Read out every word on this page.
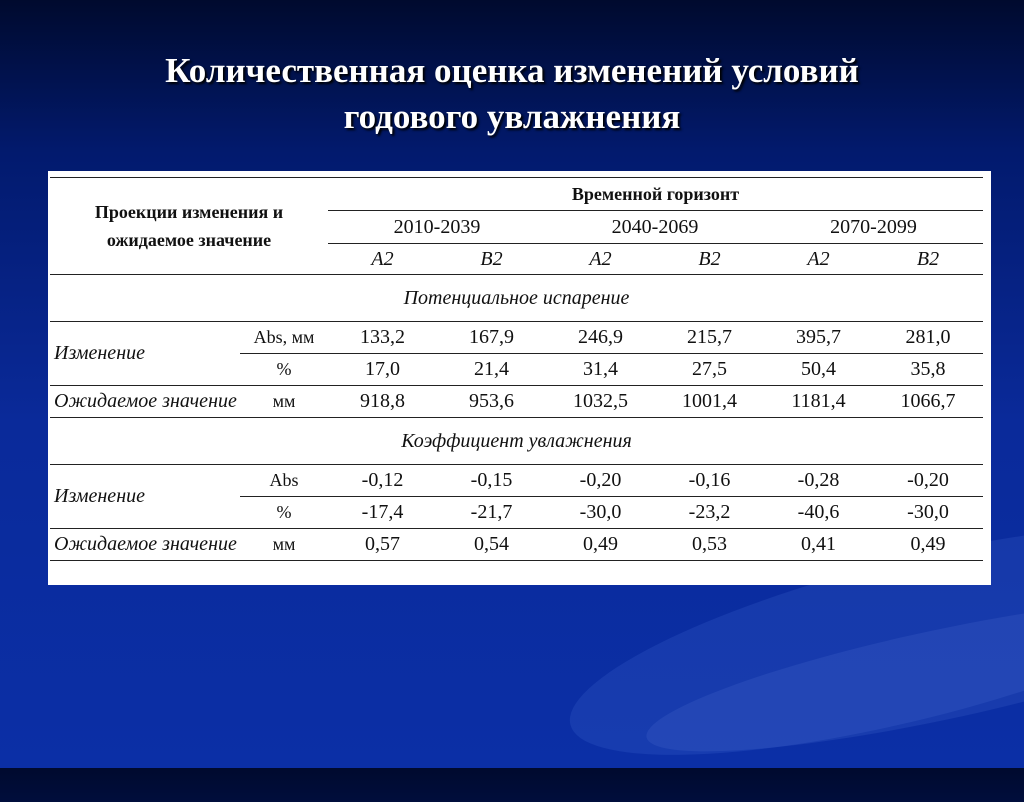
Количественная оценка изменений условий
годового увлажнения
Проекции изменения и ожидаемое значение		Временной горизонт					
		2010-2039		2040-2069		2070-2099	
		A2	B2	A2	B2	A2	B2
Потенциальное испарение							
Изменение	Abs, мм	133,2	167,9	246,9	215,7	395,7	281,0
	%	17,0	21,4	31,4	27,5	50,4	35,8
Ожидаемое значение	мм	918,8	953,6	1032,5	1001,4	1181,4	1066,7
Коэффициент увлажнения							
Изменение	Abs	-0,12	-0,15	-0,20	-0,16	-0,28	-0,20
	%	-17,4	-21,7	-30,0	-23,2	-40,6	-30,0
Ожидаемое значение	мм	0,57	0,54	0,49	0,53	0,41	0,49
